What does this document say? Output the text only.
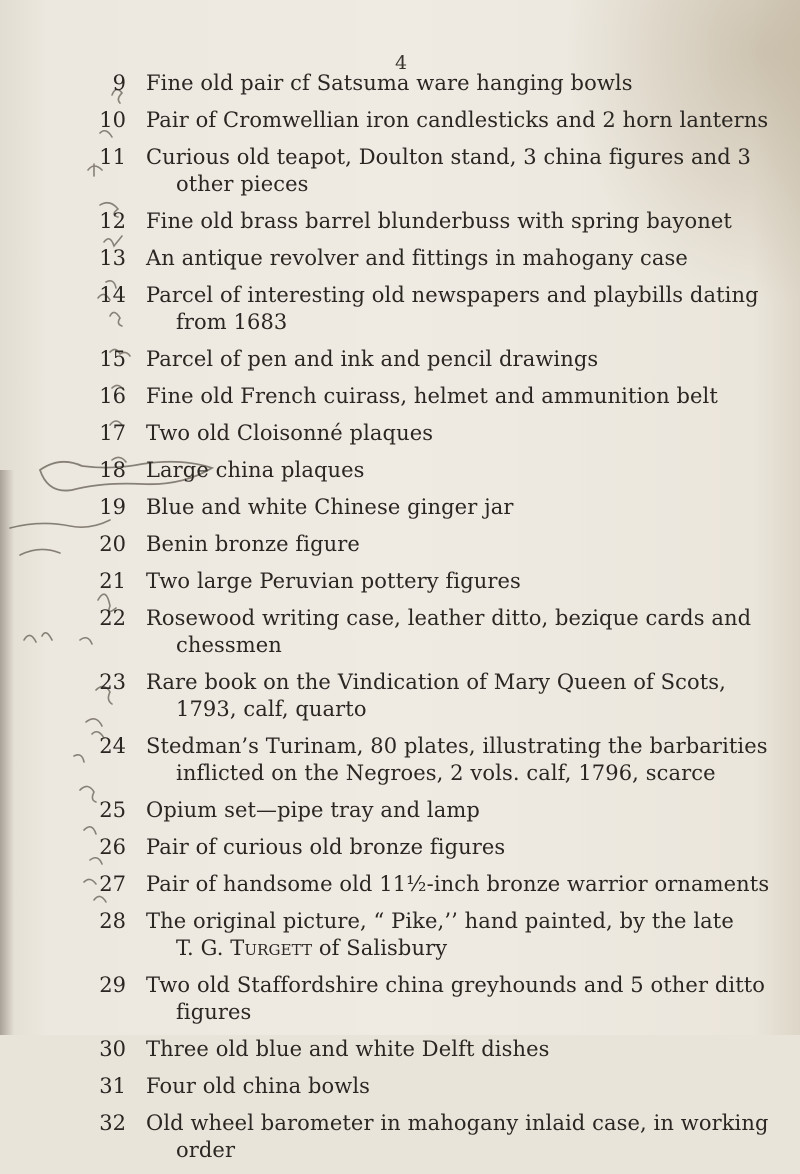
4
9 Fine old pair cf Satsuma ware hanging bowls
10 Pair of Cromwellian iron candlesticks and 2 horn lanterns
11 Curious old teapot, Doulton stand, 3 china figures and 3
other pieces
12 Fine old brass barrel blunderbuss with spring bayonet
13 An antique revolver and fittings in mahogany case
14 Parcel of interesting old newspapers and playbills dating
from 1683
15 Parcel of pen and ink and pencil drawings
16 Fine old French cuirass, helmet and ammunition belt
17 Two old Cloisonné plaques
18 Large china plaques
19 Blue and white Chinese ginger jar
20 Benin bronze figure
21 Two large Peruvian pottery figures
22 Rosewood writing case, leather ditto, bezique cards and
chessmen
23 Rare book on the Vindication of Mary Queen of Scots,
1793, calf, quarto
24 Stedman’s Turinam, 80 plates, illustrating the barbarities
inflicted on the Negroes, 2 vols. calf, 1796, scarce
25 Opium set—pipe tray and lamp
26 Pair of curious old bronze figures
27 Pair of handsome old 11½-inch bronze warrior ornaments
28 The original picture, “ Pike,’’ hand painted, by the late
T. G. Turgett of Salisbury
29 Two old Staffordshire china greyhounds and 5 other ditto
figures
30 Three old blue and white Delft dishes
31 Four old china bowls
32 Old wheel barometer in mahogany inlaid case, in working
order
